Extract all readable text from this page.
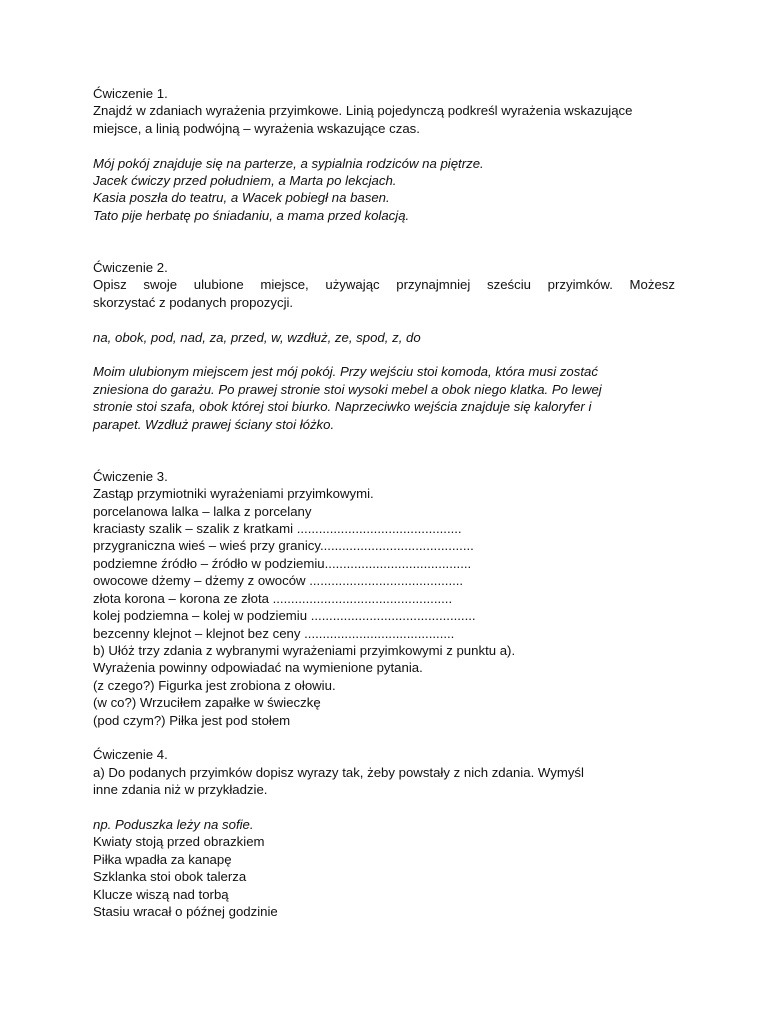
Ćwiczenie 1.
Znajdź w zdaniach wyrażenia przyimkowe. Linią pojedynczą podkreśl wyrażenia wskazujące
miejsce, a linią podwójną – wyrażenia wskazujące czas.
Mój pokój znajduje się na parterze, a sypialnia rodziców na piętrze.
Jacek ćwiczy przed południem, a Marta po lekcjach.
Kasia poszła do teatru, a Wacek pobiegł na basen.
Tato pije herbatę po śniadaniu, a mama przed kolacją.
Ćwiczenie 2.
Opisz swoje ulubione miejsce, używając przynajmniej sześciu przyimków. Możesz
skorzystać z podanych propozycji.
na, obok, pod, nad, za, przed, w, wzdłuż, ze, spod, z, do
Moim ulubionym miejscem jest mój pokój. Przy wejściu stoi komoda, która musi zostać
zniesiona do garażu. Po prawej stronie stoi wysoki mebel a obok niego klatka. Po lewej
stronie stoi szafa, obok której stoi biurko. Naprzeciwko wejścia znajduje się kaloryfer i
parapet. Wzdłuż prawej ściany stoi łóżko.
Ćwiczenie 3.
Zastąp przymiotniki wyrażeniami przyimkowymi.
porcelanowa lalka – lalka z porcelany
kraciasty szalik – szalik z kratkami .............................................
przygraniczna wieś – wieś przy granicy..........................................
podziemne źródło – źródło w podziemiu........................................
owocowe dżemy – dżemy z owoców ..........................................
złota korona – korona ze złota .................................................
kolej podziemna – kolej w podziemiu .............................................
bezcenny klejnot – klejnot bez ceny .........................................
b) Ułóż trzy zdania z wybranymi wyrażeniami przyimkowymi z punktu a).
Wyrażenia powinny odpowiadać na wymienione pytania.
(z czego?) Figurka jest zrobiona z ołowiu.
(w co?) Wrzuciłem zapałke w świeczkę
(pod czym?) Piłka jest pod stołem
Ćwiczenie 4.
a) Do podanych przyimków dopisz wyrazy tak, żeby powstały z nich zdania. Wymyśl
inne zdania niż w przykładzie.
np. Poduszka leży na sofie.
Kwiaty stoją przed obrazkiem
Piłka wpadła za kanapę
Szklanka stoi obok talerza
Klucze wiszą nad torbą
Stasiu wracał o późnej godzinie
